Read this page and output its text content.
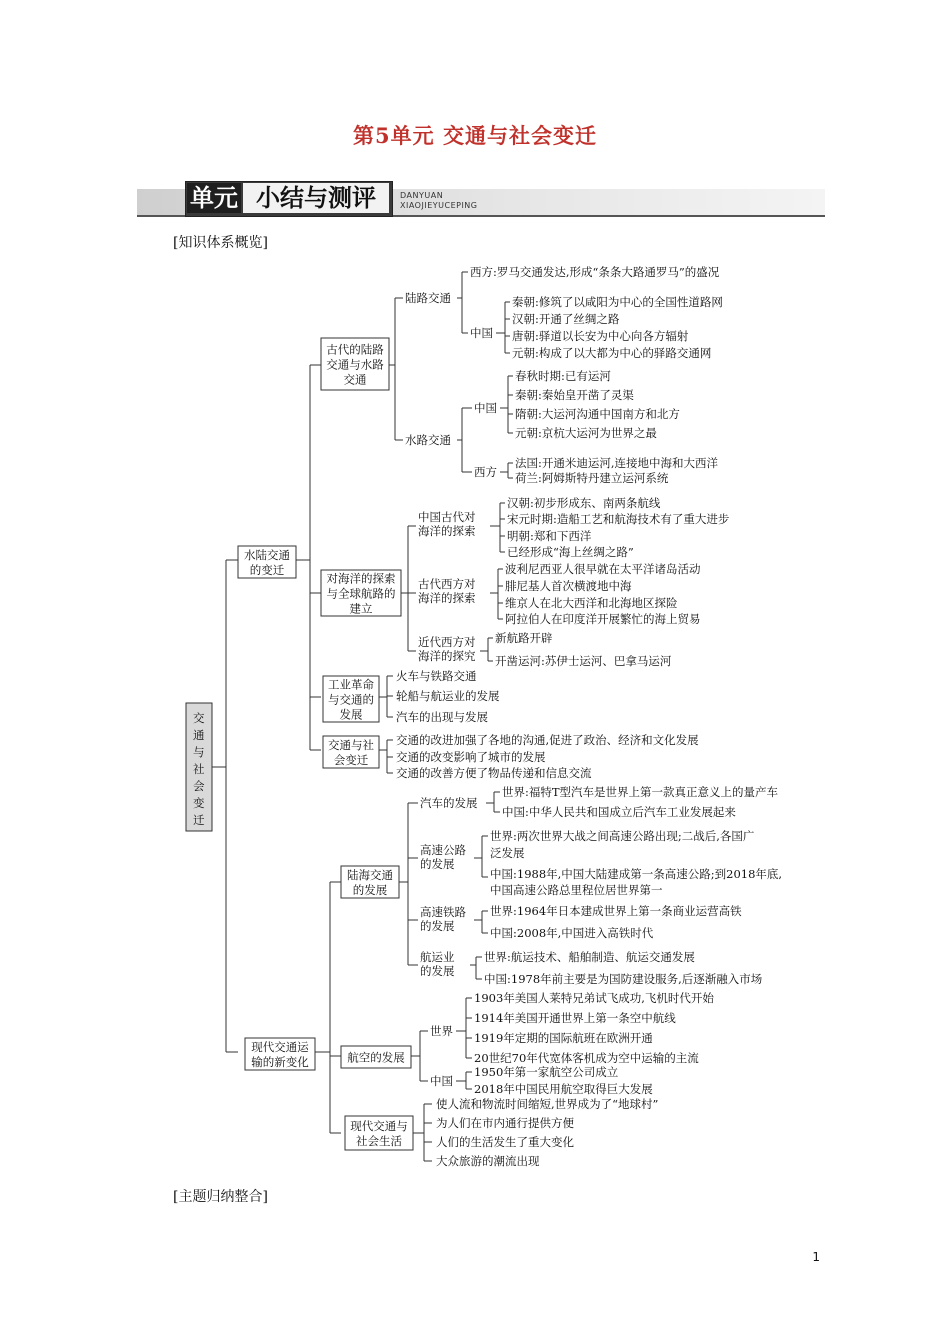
第5单元 交通与社会变迁
单元 小结与测评	DANYUAN
XIAOJIEYUCEPING
[知识体系概览]
交
通
与
社
会
变
迁
水陆交通
的变迁
现代交通运
输的新变化
古代的陆路
交通与水路
交通
陆路交通
水路交通
西方:罗马交通发达,形成“条条大路通罗马”的盛况
中国
秦朝:修筑了以咸阳为中心的全国性道路网
汉朝:开通了丝绸之路
唐朝:驿道以长安为中心向各方辐射
元朝:构成了以大都为中心的驿路交通网
中国
西方
春秋时期:已有运河
秦朝:秦始皇开凿了灵渠
隋朝:大运河沟通中国南方和北方
元朝:京杭大运河为世界之最
法国:开通米迪运河,连接地中海和大西洋
荷兰:阿姆斯特丹建立运河系统
对海洋的探索
与全球航路的
建立
中国古代对
海洋的探索
古代西方对
海洋的探索
近代西方对
海洋的探究
汉朝:初步形成东、南两条航线
宋元时期:造船工艺和航海技术有了重大进步
明朝:郑和下西洋
已经形成“海上丝绸之路”
波利尼西亚人很早就在太平洋诸岛活动
腓尼基人首次横渡地中海
维京人在北大西洋和北海地区探险
阿拉伯人在印度洋开展繁忙的海上贸易
新航路开辟
开凿运河:苏伊士运河、巴拿马运河
工业革命
与交通的
发展
火车与铁路交通
轮船与航运业的发展
汽车的出现与发展
交通与社
会变迁
交通的改进加强了各地的沟通,促进了政治、经济和文化发展
交通的改变影响了城市的发展
交通的改善方便了物品传递和信息交流
陆海交通
的发展
汽车的发展
高速公路
的发展
高速铁路
的发展
航运业
的发展
世界:福特T型汽车是世界上第一款真正意义上的量产车
中国:中华人民共和国成立后汽车工业发展起来
世界:两次世界大战之间高速公路出现;二战后,各国广
泛发展
中国:1988年,中国大陆建成第一条高速公路;到2018年底,
中国高速公路总里程位居世界第一
世界:1964年日本建成世界上第一条商业运营高铁
中国:2008年,中国进入高铁时代
世界:航运技术、船舶制造、航运交通发展
中国:1978年前主要是为国防建设服务,后逐渐融入市场
航空的发展
世界
中国
1903年美国人莱特兄弟试飞成功,飞机时代开始
1914年美国开通世界上第一条空中航线
1919年定期的国际航班在欧洲开通
20世纪70年代宽体客机成为空中运输的主流
1950年第一家航空公司成立
2018年中国民用航空取得巨大发展
现代交通与
社会生活
使人流和物流时间缩短,世界成为了“地球村”
为人们在市内通行提供方便
人们的生活发生了重大变化
大众旅游的潮流出现
[主题归纳整合]
1
